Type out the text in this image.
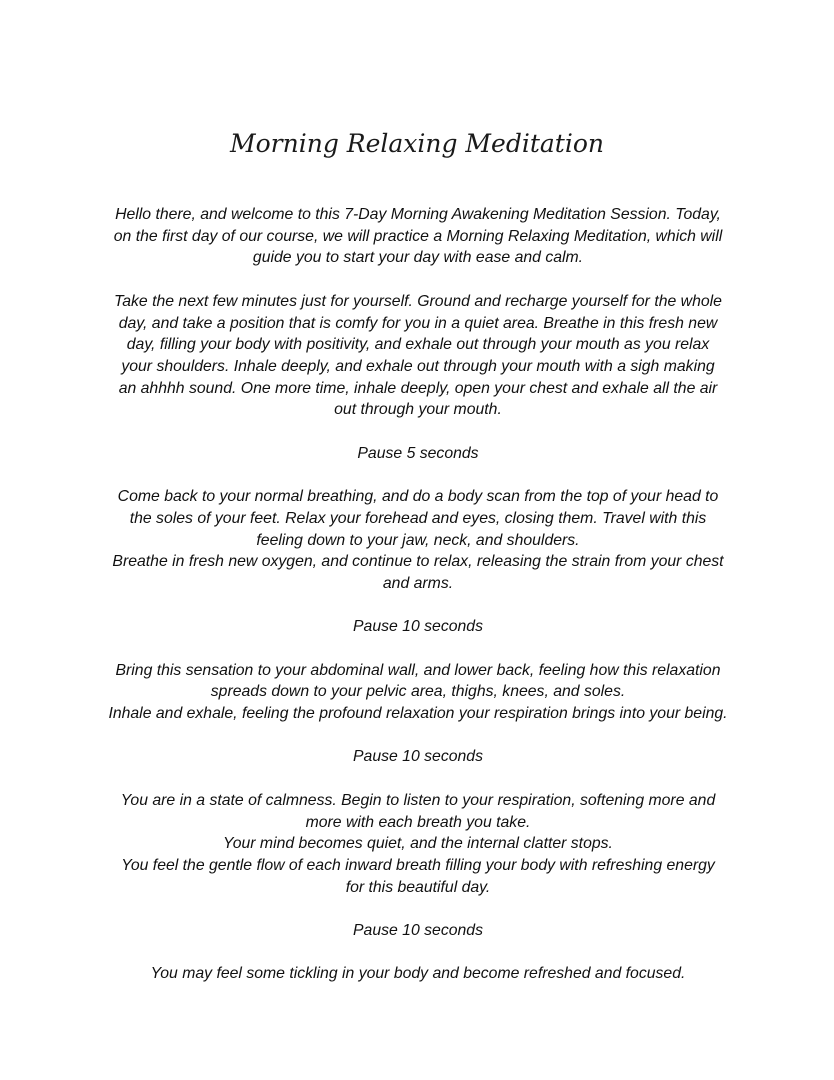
Morning Relaxing Meditation
Hello there, and welcome to this 7-Day Morning Awakening Meditation Session. Today,
on the first day of our course, we will practice a Morning Relaxing Meditation, which will
guide you to start your day with ease and calm.
Take the next few minutes just for yourself. Ground and recharge yourself for the whole
day, and take a position that is comfy for you in a quiet area. Breathe in this fresh new
day, filling your body with positivity, and exhale out through your mouth as you relax
your shoulders. Inhale deeply, and exhale out through your mouth with a sigh making
an ahhhh sound. One more time, inhale deeply, open your chest and exhale all the air
out through your mouth.
Pause 5 seconds
Come back to your normal breathing, and do a body scan from the top of your head to
the soles of your feet. Relax your forehead and eyes, closing them. Travel with this
feeling down to your jaw, neck, and shoulders.
Breathe in fresh new oxygen, and continue to relax, releasing the strain from your chest
and arms.
Pause 10 seconds
Bring this sensation to your abdominal wall, and lower back, feeling how this relaxation
spreads down to your pelvic area, thighs, knees, and soles.
Inhale and exhale, feeling the profound relaxation your respiration brings into your being.
Pause 10 seconds
You are in a state of calmness. Begin to listen to your respiration, softening more and
more with each breath you take.
Your mind becomes quiet, and the internal clatter stops.
You feel the gentle flow of each inward breath filling your body with refreshing energy
for this beautiful day.
Pause 10 seconds
You may feel some tickling in your body and become refreshed and focused.
